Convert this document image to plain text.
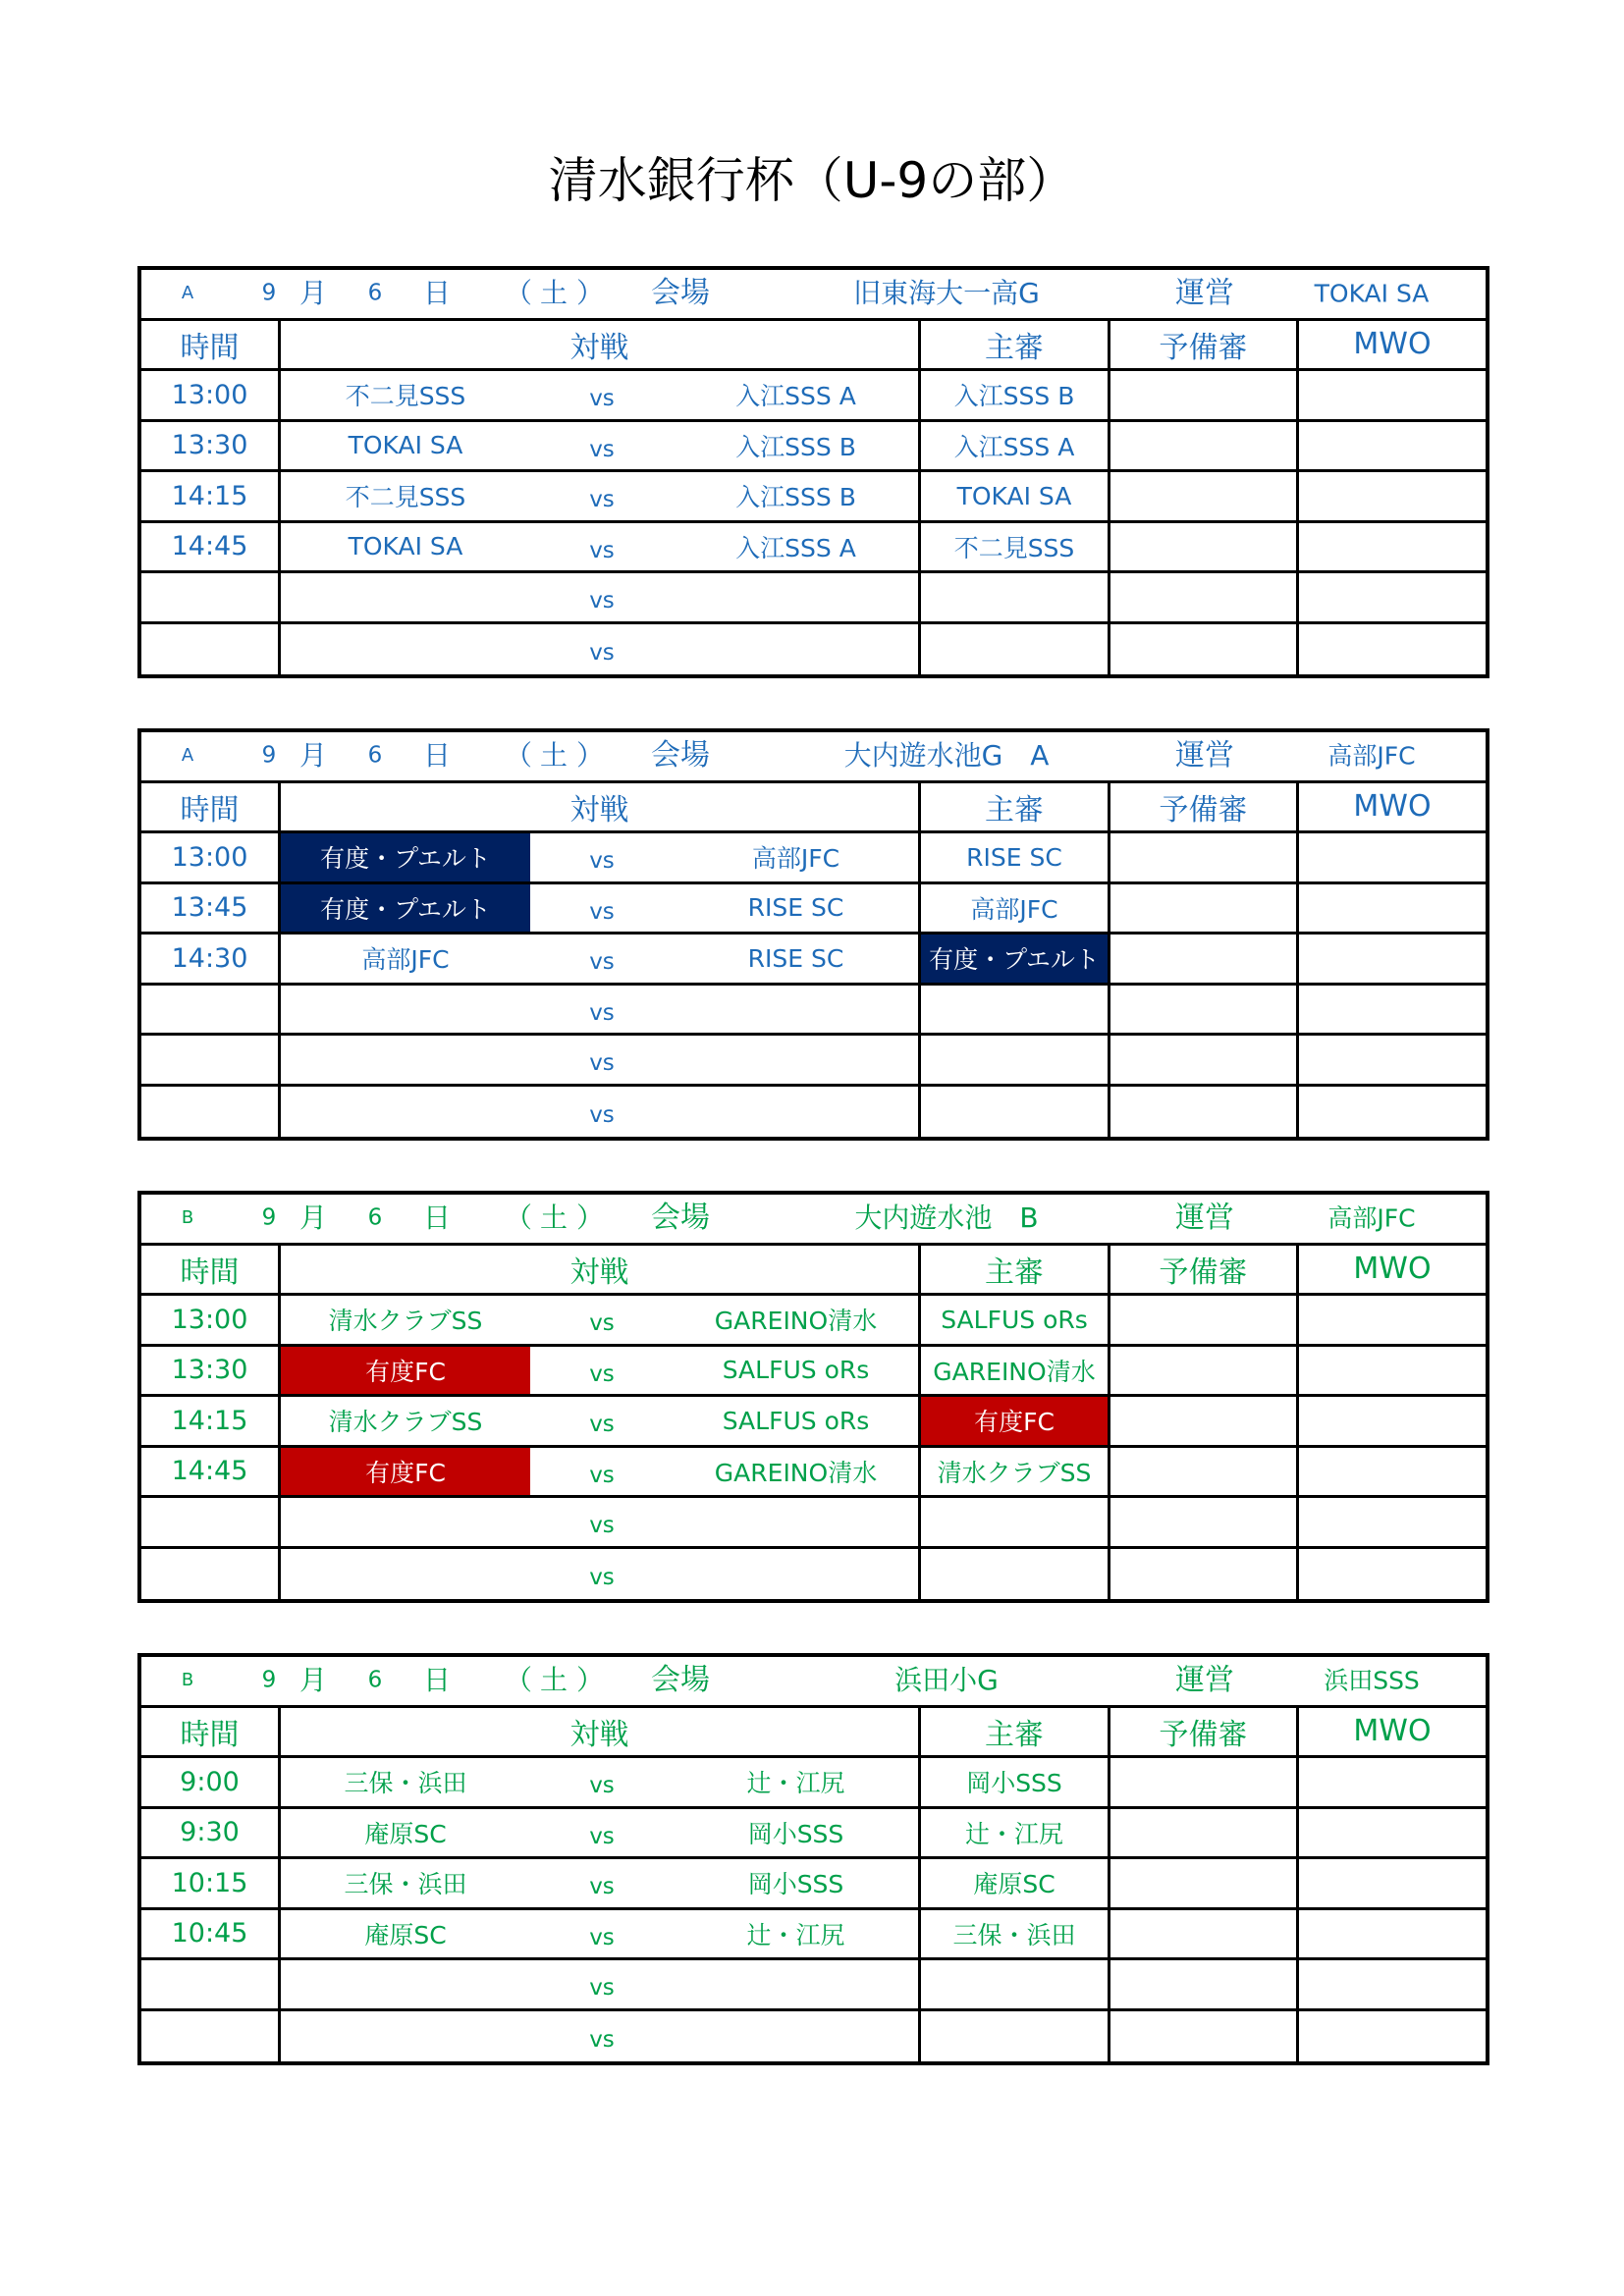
清水銀行杯（U-9の部）
A	9 月 6 日 （ 土 ） 会場	旧東海大一高G	運営	TOKAI SA
時間	対戦	主審	予備審	MWO
13:00	不二見SSS	vs	入江SSS A	入江SSS B
13:30	TOKAI SA	vs	入江SSS B	入江SSS A
14:15	不二見SSS	vs	入江SSS B	TOKAI SA
14:45	TOKAI SA	vs	入江SSS A	不二見SSS
vs
vs
A	9 月 6 日 （ 土 ） 会場	大内遊水池G　A	運営	高部JFC
時間	対戦	主審	予備審	MWO
13:00	有度・プエルト	vs	高部JFC	RISE SC
13:45	有度・プエルト	vs	RISE SC	高部JFC
14:30	高部JFC	vs	RISE SC	有度・プエルト
vs
vs
vs
B	9 月 6 日 （ 土 ） 会場	大内遊水池　B	運営	高部JFC
時間	対戦	主審	予備審	MWO
13:00	清水クラブSS	vs	GAREINO清水	SALFUS oRs
13:30	有度FC	vs	SALFUS oRs	GAREINO清水
14:15	清水クラブSS	vs	SALFUS oRs	有度FC
14:45	有度FC	vs	GAREINO清水	清水クラブSS
vs
vs
B	9 月 6 日 （ 土 ） 会場	浜田小G	運営	浜田SSS
時間	対戦	主審	予備審	MWO
9:00	三保・浜田	vs	辻・江尻	岡小SSS
9:30	庵原SC	vs	岡小SSS	辻・江尻
10:15	三保・浜田	vs	岡小SSS	庵原SC
10:45	庵原SC	vs	辻・江尻	三保・浜田
vs
vs
